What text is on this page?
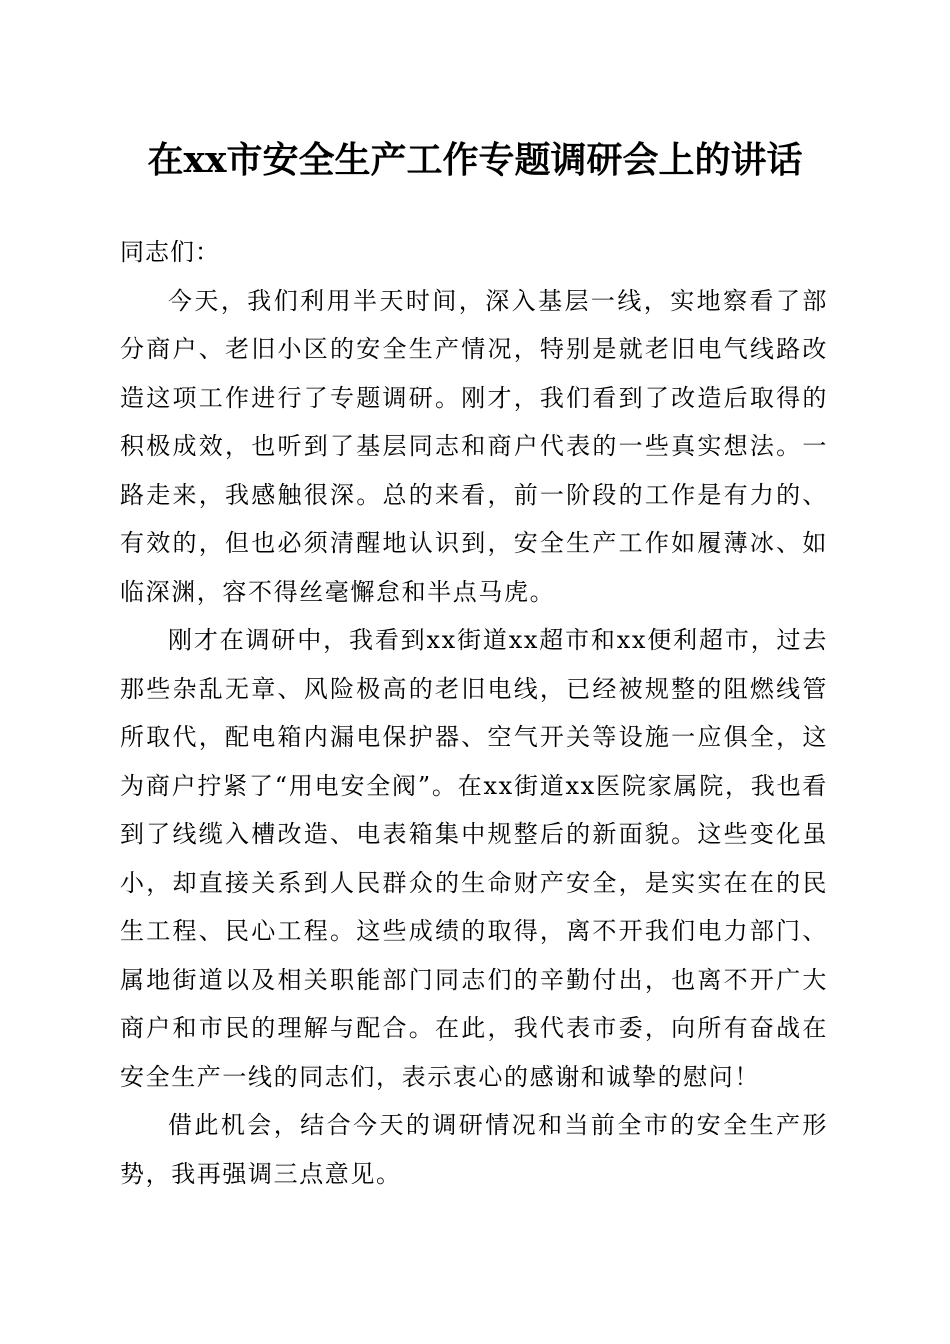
在xx市安全生产工作专题调研会上的讲话

同志们：

今天，我们利用半天时间，深入基层一线，实地察看了部分商户、老旧小区的安全生产情况，特别是就老旧电气线路改造这项工作进行了专题调研。刚才，我们看到了改造后取得的积极成效，也听到了基层同志和商户代表的一些真实想法。一路走来，我感触很深。总的来看，前一阶段的工作是有力的、有效的，但也必须清醒地认识到，安全生产工作如履薄冰、如临深渊，容不得丝毫懈怠和半点马虎。

刚才在调研中，我看到xx街道xx超市和xx便利超市，过去那些杂乱无章、风险极高的老旧电线，已经被规整的阻燃线管所取代，配电箱内漏电保护器、空气开关等设施一应俱全，这为商户拧紧了“用电安全阀”。在xx街道xx医院家属院，我也看到了线缆入槽改造、电表箱集中规整后的新面貌。这些变化虽小，却直接关系到人民群众的生命财产安全，是实实在在的民生工程、民心工程。这些成绩的取得，离不开我们电力部门、属地街道以及相关职能部门同志们的辛勤付出，也离不开广大商户和市民的理解与配合。在此，我代表市委，向所有奋战在安全生产一线的同志们，表示衷心的感谢和诚挚的慰问！

借此机会，结合今天的调研情况和当前全市的安全生产形势，我再强调三点意见。
